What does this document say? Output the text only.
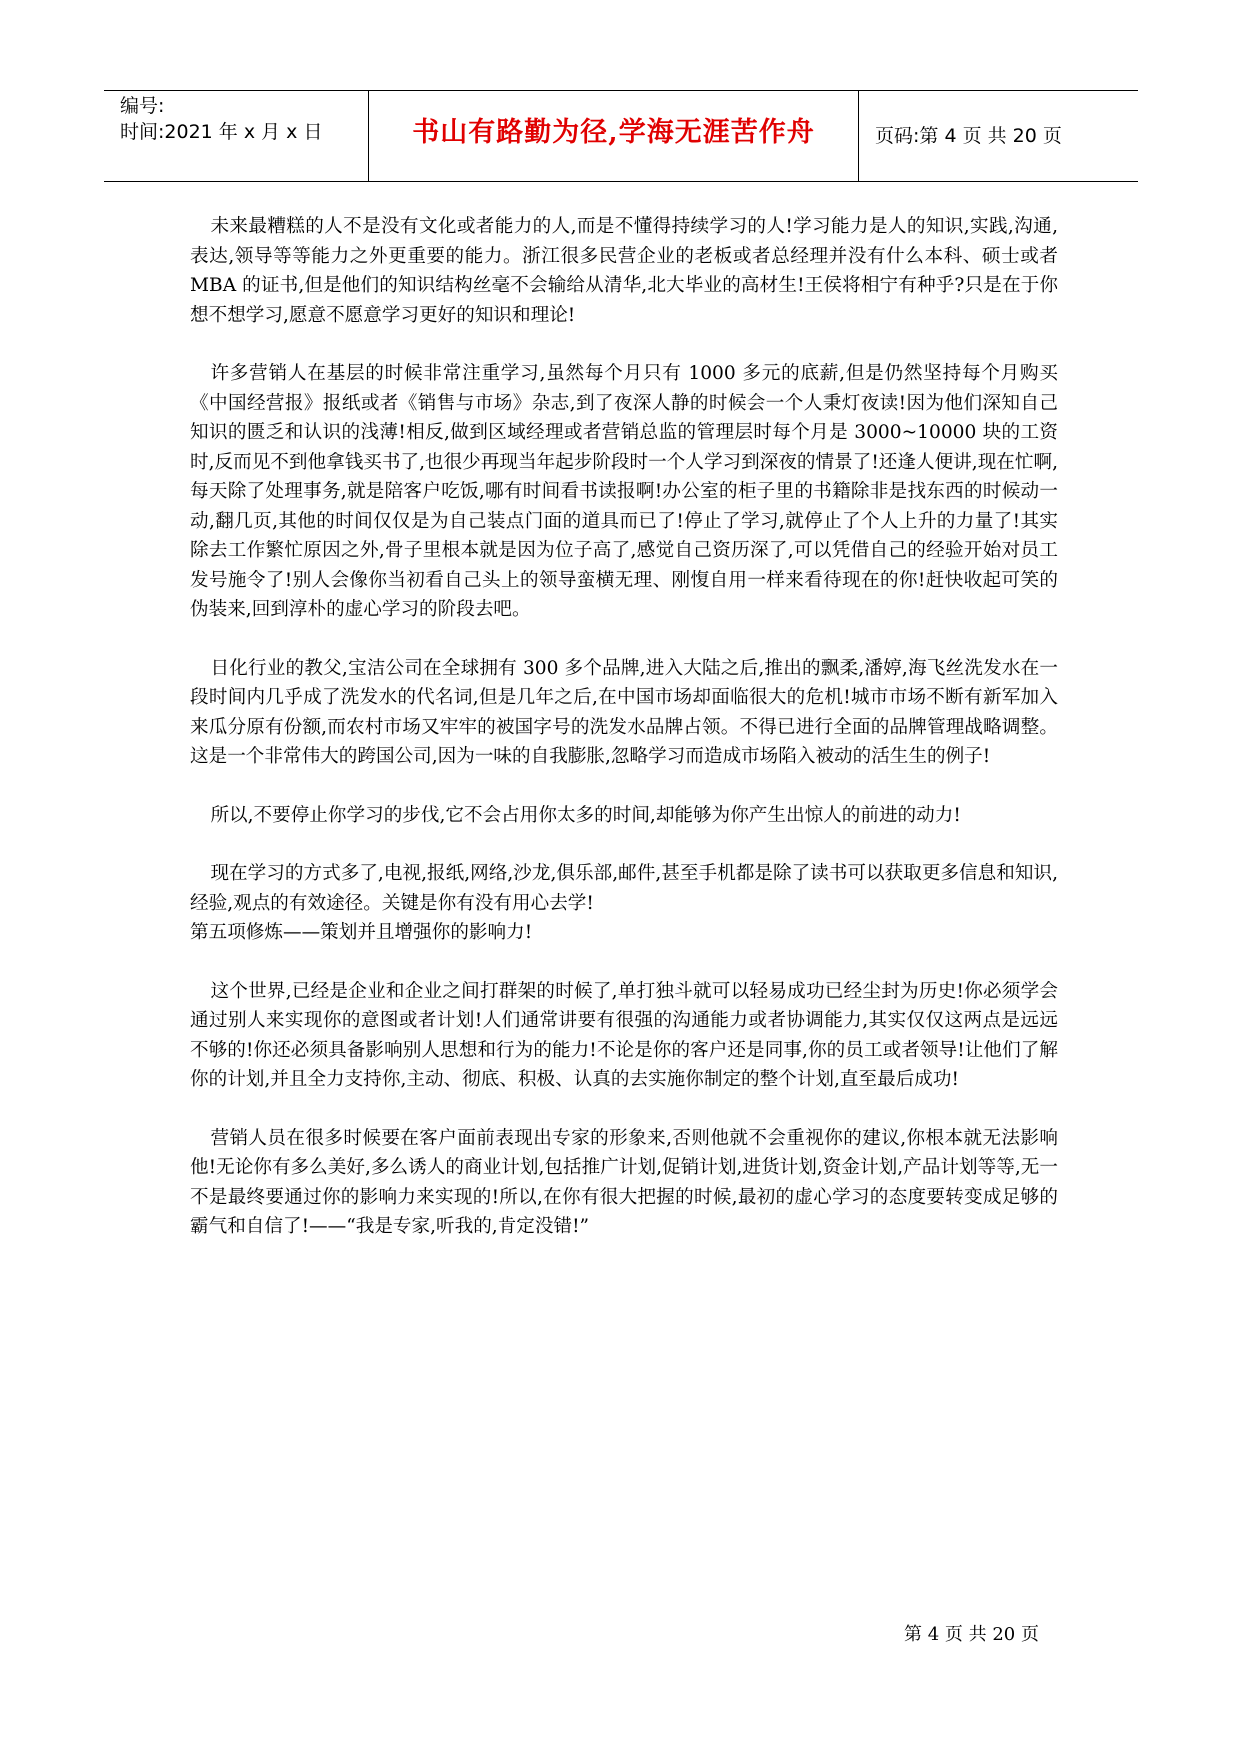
编号:
时间:2021 年 x 月 x 日	书山有路勤为径,学海无涯苦作舟	页码:第 4 页 共 20 页

未来最糟糕的人不是没有文化或者能力的人,而是不懂得持续学习的人!学习能力是人的知识,实践,沟通,表达,领导等等能力之外更重要的能力。浙江很多民营企业的老板或者总经理并没有什么本科、硕士或者 MBA 的证书,但是他们的知识结构丝毫不会输给从清华,北大毕业的高材生!王侯将相宁有种乎?只是在于你想不想学习,愿意不愿意学习更好的知识和理论!

许多营销人在基层的时候非常注重学习,虽然每个月只有 1000 多元的底薪,但是仍然坚持每个月购买《中国经营报》报纸或者《销售与市场》杂志,到了夜深人静的时候会一个人秉灯夜读!因为他们深知自己知识的匮乏和认识的浅薄!相反,做到区域经理或者营销总监的管理层时每个月是 3000~10000 块的工资时,反而见不到他拿钱买书了,也很少再现当年起步阶段时一个人学习到深夜的情景了!还逢人便讲,现在忙啊,每天除了处理事务,就是陪客户吃饭,哪有时间看书读报啊!办公室的柜子里的书籍除非是找东西的时候动一动,翻几页,其他的时间仅仅是为自己装点门面的道具而已了!停止了学习,就停止了个人上升的力量了!其实除去工作繁忙原因之外,骨子里根本就是因为位子高了,感觉自己资历深了,可以凭借自己的经验开始对员工发号施令了!别人会像你当初看自己头上的领导蛮横无理、刚愎自用一样来看待现在的你!赶快收起可笑的伪装来,回到淳朴的虚心学习的阶段去吧。

日化行业的教父,宝洁公司在全球拥有 300 多个品牌,进入大陆之后,推出的飘柔,潘婷,海飞丝洗发水在一段时间内几乎成了洗发水的代名词,但是几年之后,在中国市场却面临很大的危机!城市市场不断有新军加入来瓜分原有份额,而农村市场又牢牢的被国字号的洗发水品牌占领。不得已进行全面的品牌管理战略调整。这是一个非常伟大的跨国公司,因为一味的自我膨胀,忽略学习而造成市场陷入被动的活生生的例子!

所以,不要停止你学习的步伐,它不会占用你太多的时间,却能够为你产生出惊人的前进的动力!

现在学习的方式多了,电视,报纸,网络,沙龙,俱乐部,邮件,甚至手机都是除了读书可以获取更多信息和知识,经验,观点的有效途径。关键是你有没有用心去学!

第五项修炼——策划并且增强你的影响力!

这个世界,已经是企业和企业之间打群架的时候了,单打独斗就可以轻易成功已经尘封为历史!你必须学会通过别人来实现你的意图或者计划!人们通常讲要有很强的沟通能力或者协调能力,其实仅仅这两点是远远不够的!你还必须具备影响别人思想和行为的能力!不论是你的客户还是同事,你的员工或者领导!让他们了解你的计划,并且全力支持你,主动、彻底、积极、认真的去实施你制定的整个计划,直至最后成功!

营销人员在很多时候要在客户面前表现出专家的形象来,否则他就不会重视你的建议,你根本就无法影响他!无论你有多么美好,多么诱人的商业计划,包括推广计划,促销计划,进货计划,资金计划,产品计划等等,无一不是最终要通过你的影响力来实现的!所以,在你有很大把握的时候,最初的虚心学习的态度要转变成足够的霸气和自信了!——“我是专家,听我的,肯定没错!”

第 4 页 共 20 页
